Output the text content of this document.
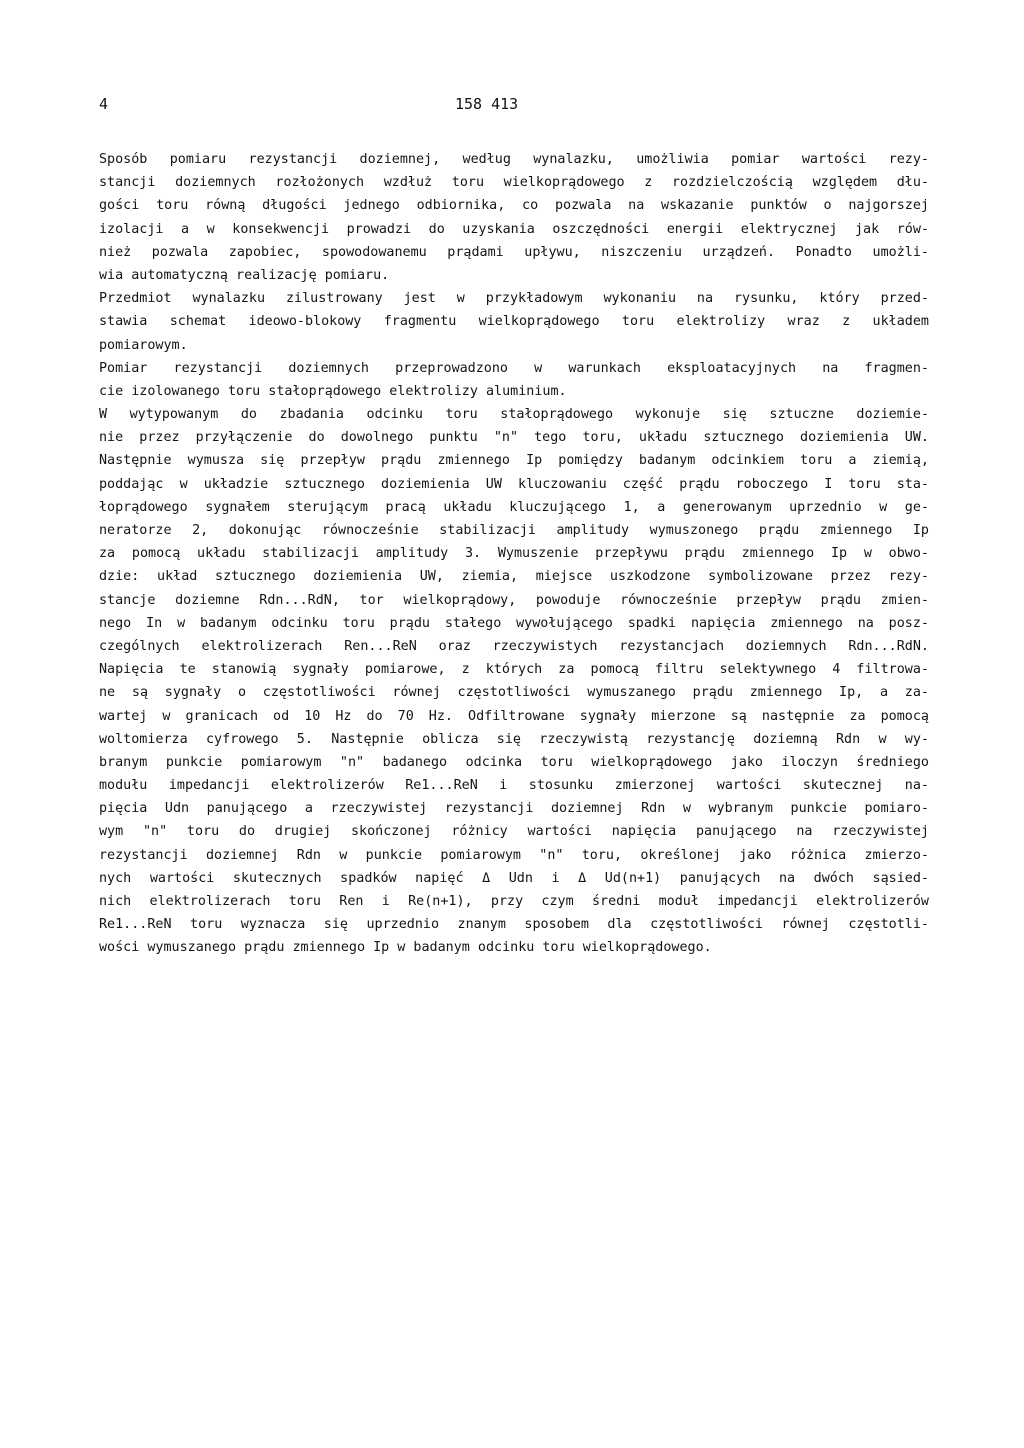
4	158 413
Sposób pomiaru rezystancji doziemnej, według wynalazku, umożliwia pomiar wartości rezy-
stancji doziemnych rozłożonych wzdłuż toru wielkoprądowego z rozdzielczością względem dłu-
gości toru równą długości jednego odbiornika, co pozwala na wskazanie punktów o najgorszej
izolacji a w konsekwencji prowadzi do uzyskania oszczędności energii elektrycznej jak rów-
nież pozwala zapobiec, spowodowanemu prądami upływu, niszczeniu urządzeń. Ponadto umożli-
wia automatyczną realizację pomiaru.
Przedmiot wynalazku zilustrowany jest w przykładowym wykonaniu na rysunku, który przed-
stawia schemat ideowo-blokowy fragmentu wielkoprądowego toru elektrolizy wraz z układem
pomiarowym.
Pomiar rezystancji doziemnych przeprowadzono w warunkach eksploatacyjnych na fragmen-
cie izolowanego toru stałoprądowego elektrolizy aluminium.
W wytypowanym do zbadania odcinku toru stałoprądowego wykonuje się sztuczne doziemie-
nie przez przyłączenie do dowolnego punktu "n" tego toru, układu sztucznego doziemienia UW.
Następnie wymusza się przepływ prądu zmiennego Ip pomiędzy badanym odcinkiem toru a ziemią,
poddając w układzie sztucznego doziemienia UW kluczowaniu część prądu roboczego I toru sta-
łoprądowego sygnałem sterującym pracą układu kluczującego 1, a generowanym uprzednio w ge-
neratorze 2, dokonując równocześnie stabilizacji amplitudy wymuszonego prądu zmiennego Ip
za pomocą układu stabilizacji amplitudy 3. Wymuszenie przepływu prądu zmiennego Ip w obwo-
dzie: układ sztucznego doziemienia UW, ziemia, miejsce uszkodzone symbolizowane przez rezy-
stancje doziemne Rdn...RdN, tor wielkoprądowy, powoduje równocześnie przepływ prądu zmien-
nego In w badanym odcinku toru prądu stałego wywołującego spadki napięcia zmiennego na posz-
czególnych elektrolizerach Ren...ReN oraz rzeczywistych rezystancjach doziemnych Rdn...RdN.
Napięcia te stanowią sygnały pomiarowe, z których za pomocą filtru selektywnego 4 filtrowa-
ne są sygnały o częstotliwości równej częstotliwości wymuszanego prądu zmiennego Ip, a za-
wartej w granicach od 10 Hz do 70 Hz. Odfiltrowane sygnały mierzone są następnie za pomocą
woltomierza cyfrowego 5. Następnie oblicza się rzeczywistą rezystancję doziemną Rdn w wy-
branym punkcie pomiarowym "n" badanego odcinka toru wielkoprądowego jako iloczyn średniego
modułu impedancji elektrolizerów Re1...ReN i stosunku zmierzonej wartości skutecznej na-
pięcia Udn panującego a rzeczywistej rezystancji doziemnej Rdn w wybranym punkcie pomiaro-
wym "n" toru do drugiej skończonej różnicy wartości napięcia panującego na rzeczywistej
rezystancji doziemnej Rdn w punkcie pomiarowym "n" toru, określonej jako różnica zmierzo-
nych wartości skutecznych spadków napięć Δ Udn i Δ Ud(n+1) panujących na dwóch sąsied-
nich elektrolizerach toru Ren i Re(n+1), przy czym średni moduł impedancji elektrolizerów
Re1...ReN toru wyznacza się uprzednio znanym sposobem dla częstotliwości równej częstotli-
wości wymuszanego prądu zmiennego Ip w badanym odcinku toru wielkoprądowego.
